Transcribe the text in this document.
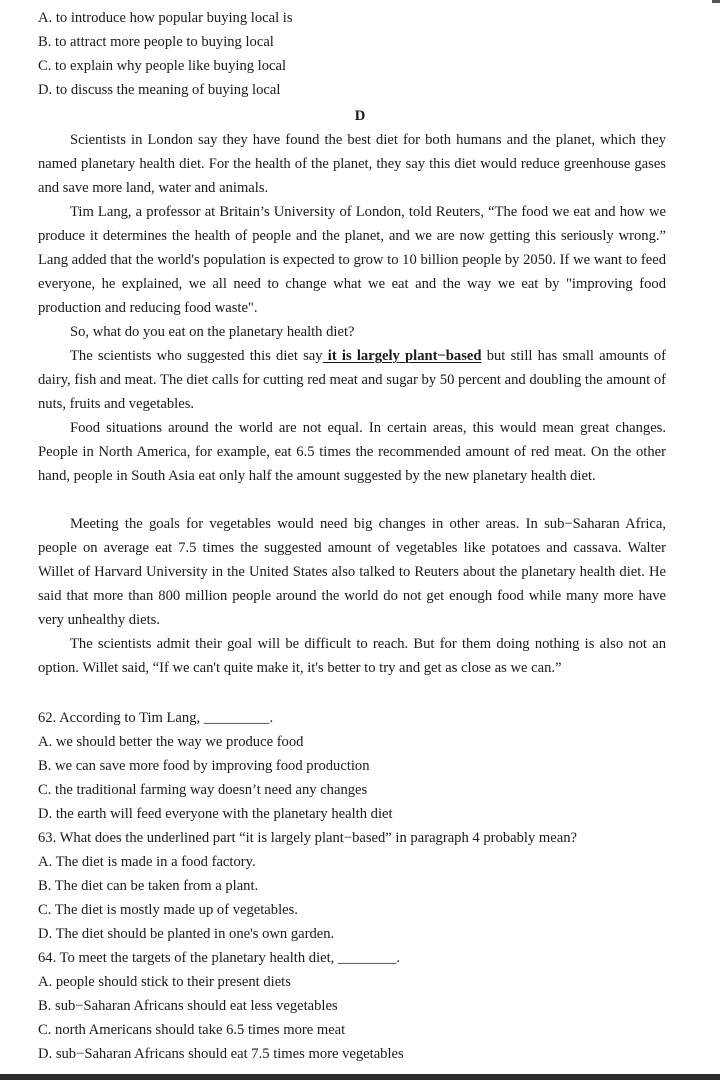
A. to introduce how popular buying local is
B. to attract more people to buying local
C. to explain why people like buying local
D. to discuss the meaning of buying local
D
Scientists in London say they have found the best diet for both humans and the planet, which they named planetary health diet. For the health of the planet, they say this diet would reduce greenhouse gases and save more land, water and animals.
Tim Lang, a professor at Britain’s University of London, told Reuters, “The food we eat and how we produce it determines the health of people and the planet, and we are now getting this seriously wrong.” Lang added that the world's population is expected to grow to 10 billion people by 2050. If we want to feed everyone, he explained, we all need to change what we eat and the way we eat by "improving food production and reducing food waste".
So, what do you eat on the planetary health diet?
The scientists who suggested this diet say it is largely plant−based but still has small amounts of dairy, fish and meat. The diet calls for cutting red meat and sugar by 50 percent and doubling the amount of nuts, fruits and vegetables.
Food situations around the world are not equal. In certain areas, this would mean great changes. People in North America, for example, eat 6.5 times the recommended amount of red meat. On the other hand, people in South Asia eat only half the amount suggested by the new planetary health diet.
Meeting the goals for vegetables would need big changes in other areas. In sub−Saharan Africa, people on average eat 7.5 times the suggested amount of vegetables like potatoes and cassava. Walter Willet of Harvard University in the United States also talked to Reuters about the planetary health diet. He said that more than 800 million people around the world do not get enough food while many more have very unhealthy diets.
The scientists admit their goal will be difficult to reach. But for them doing nothing is also not an option. Willet said, “If we can't quite make it, it's better to try and get as close as we can.”
62. According to Tim Lang, _________.
A. we should better the way we produce food
B. we can save more food by improving food production
C. the traditional farming way doesn’t need any changes
D. the earth will feed everyone with the planetary health diet
63. What does the underlined part “it is largely plant−based” in paragraph 4 probably mean?
A. The diet is made in a food factory.
B. The diet can be taken from a plant.
C. The diet is mostly made up of vegetables.
D. The diet should be planted in one's own garden.
64. To meet the targets of the planetary health diet, ________.
A. people should stick to their present diets
B. sub−Saharan Africans should eat less vegetables
C. north Americans should take 6.5 times more meat
D. sub−Saharan Africans should eat 7.5 times more vegetables
